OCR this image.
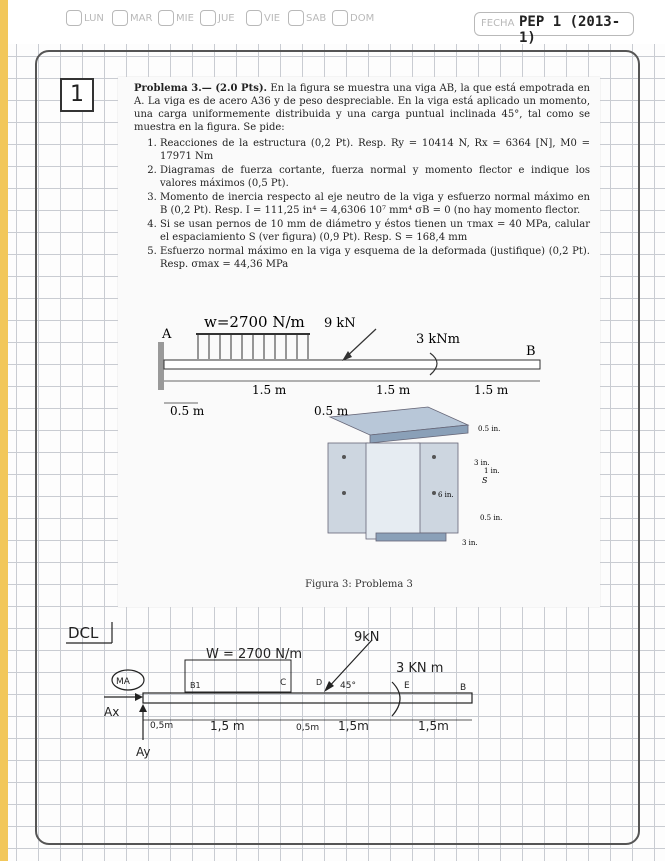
LUN	MAR MIE JUE	VIE	SAB DOM	FECHA PEP 1 (2013-1)
1	Problema 3.— (2.0 Pts). En la figura se muestra una viga AB, la que está empotrada en A. La viga es de acero A36 y de peso despreciable. En la viga está aplicado un momento, una carga uniformemente distribuida y una carga puntual inclinada 45°, tal como se muestra en la figura. Se pide:
1. Reacciones de la estructura (0,2 Pt). Resp. Ry = 10414 N, Rx = 6364 [N], M0 = 17971 Nm
2. Diagramas de fuerza cortante, fuerza normal y momento flector e indique los valores máximos (0,5 Pt).
3. Momento de inercia respecto al eje neutro de la viga y esfuerzo normal máximo en B (0,2 Pt). Resp. I = 111,25 in⁴ = 4,6306 10⁷ mm⁴ σB = 0 (no hay momento flector.
4. Si se usan pernos de 10 mm de diámetro y éstos tienen un τmax = 40 MPa, calular el espaciamiento S (ver figura) (0,9 Pt). Resp. S = 168,4 mm
5. Esfuerzo normal máximo en la viga y esquema de la deformada (justifique) (0,2 Pt). Resp. σmax = 44,36 MPa
A
B
w=2700 N/m 9 kN
3 kNm
1.5 m	1.5 m	1.5 m
0.5 m	0.5 m
0.5 in.
3 in.
1 in.
6 in.
0.5 in.
3 in.
S
Figura 3: Problema 3
DCL
W = 2700 N/m
B1	C	D	E	B
9kN
45°
3 KN m
MA
Ax
Ay
0,5m	1,5 m	0,5m 1,5m	1,5m
